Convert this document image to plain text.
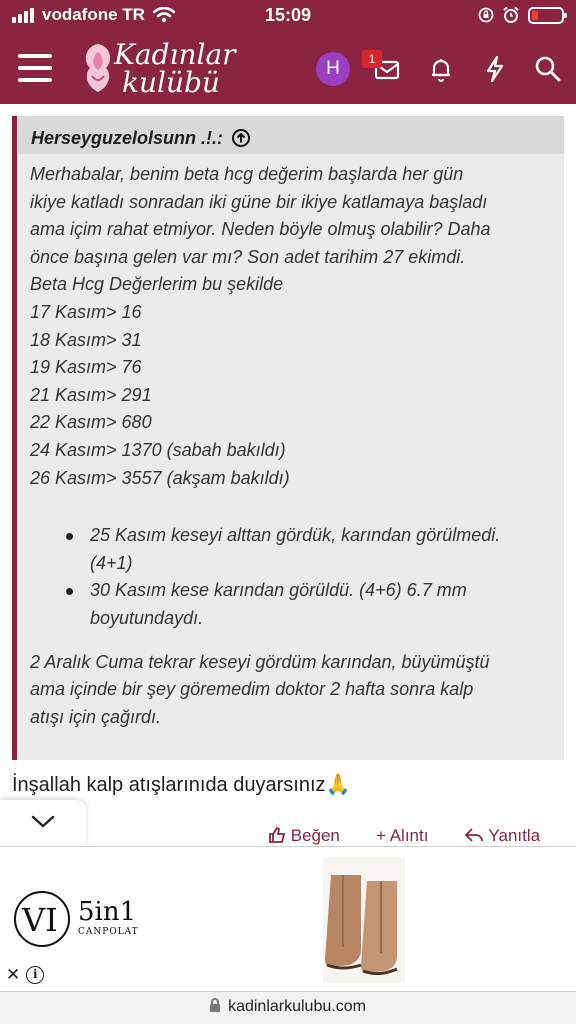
vodafone TR	15:09
Kadınlar
kulübü	H	1
Herseyguzelolsunn .!.:

Merhabalar, benim beta hcg değerim başlarda her gün

ikiye katladı sonradan iki güne bir ikiye katlamaya başladı

ama içim rahat etmiyor. Neden böyle olmuş olabilir? Daha

önce başına gelen var mı? Son adet tarihim 27 ekimdi.

Beta Hcg Değerlerim bu şekilde

17 Kasım> 16

18 Kasım> 31

19 Kasım> 76

21 Kasım> 291

22 Kasım> 680

24 Kasım> 1370 (sabah bakıldı)

26 Kasım> 3557 (akşam bakıldı)

25 Kasım keseyi alttan gördük, karından görülmedi.
(4+1)
30 Kasım kese karından görüldü. (4+6) 6.7 mm
boyutundaydı.

2 Aralık Cuma tekrar keseyi gördüm karından, büyümüştü

ama içinde bir şey göremedim doktor 2 hafta sonra kalp

atışı için çağırdı.

İnşallah kalp atışlarınıda duyarsınız🙏
Beğen + Alıntı	Yanıtla
VI 5in1
CANPOLAT
✕	i
kadinlarkulubu.com
